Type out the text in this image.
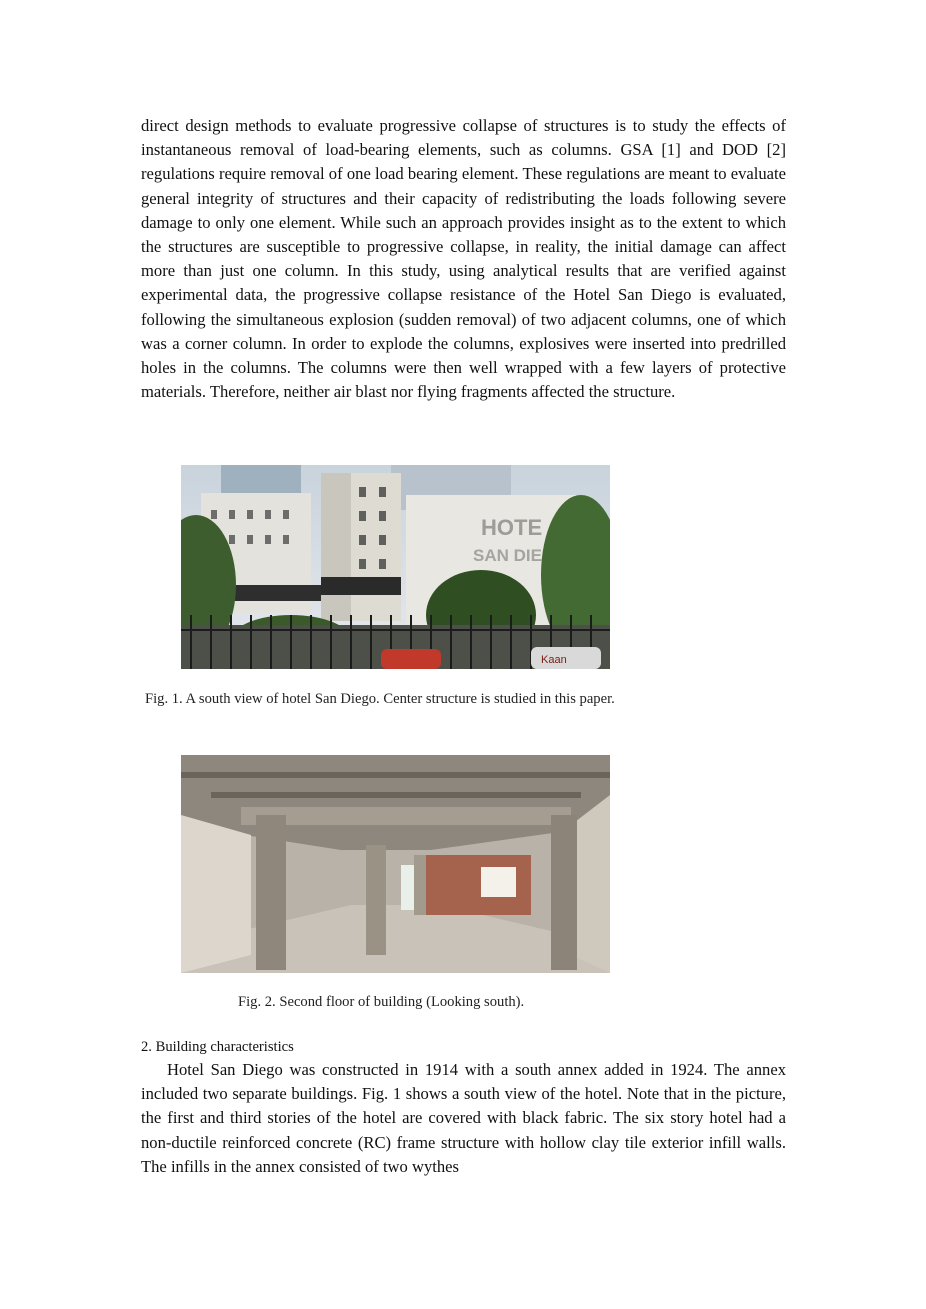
direct design methods to evaluate progressive collapse of structures is to study the effects of instantaneous removal of load-bearing elements, such as columns. GSA [1] and DOD [2] regulations require removal of one load bearing element. These regulations are meant to evaluate general integrity of structures and their capacity of redistributing the loads following severe damage to only one element. While such an approach provides insight as to the extent to which the structures are susceptible to progressive collapse, in reality, the initial damage can affect more than just one column. In this study, using analytical results that are verified against experimental data, the progressive collapse resistance of the Hotel San Diego is evaluated, following the simultaneous explosion (sudden removal) of two adjacent columns, one of which was a corner column. In order to explode the columns, explosives were inserted into predrilled holes in the columns. The columns were then well wrapped with a few layers of protective materials. Therefore, neither air blast nor flying fragments affected the structure.

HOTE
SAN DIE
Kaan

Fig. 1. A south view of hotel San Diego. Center structure is studied in this paper.

Fig. 2. Second floor of building (Looking south).

2. Building characteristics

Hotel San Diego was constructed in 1914 with a south annex added in 1924. The annex included two separate buildings. Fig. 1 shows a south view of the hotel. Note that in the picture, the first and third stories of the hotel are covered with black fabric. The six story hotel had a non-ductile reinforced concrete (RC) frame structure with hollow clay tile exterior infill walls. The infills in the annex consisted of two wythes
